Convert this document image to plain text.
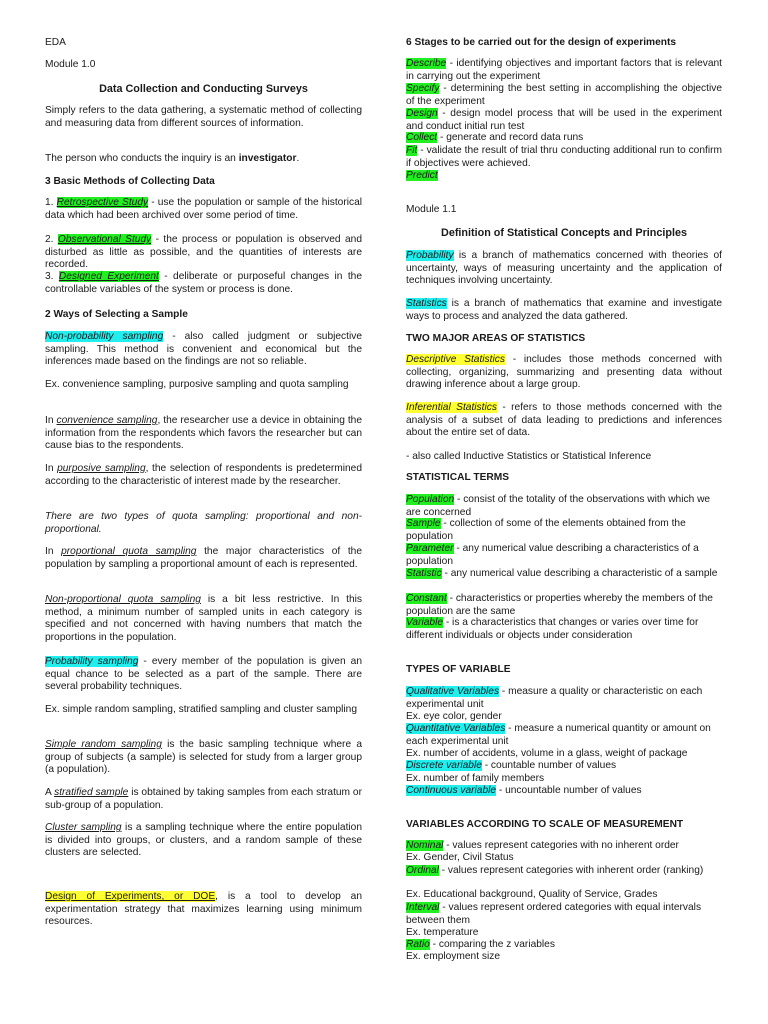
EDA

Module 1.0

Data Collection and Conducting Surveys

Simply refers to the data gathering, a systematic method of collecting and measuring data from different sources of information.

The person who conducts the inquiry is an investigator.

3 Basic Methods of Collecting Data

1. Retrospective Study - use the population or sample of the historical data which had been archived over some period of time.

2. Observational Study - the process or population is observed and disturbed as little as possible, and the quantities of interests are recorded.

3. Designed Experiment - deliberate or purposeful changes in the controllable variables of the system or process is done.

2 Ways of Selecting a Sample

Non-probability sampling - also called judgment or subjective sampling. This method is convenient and economical but the inferences made based on the findings are not so reliable.

Ex. convenience sampling, purposive sampling and quota sampling

In convenience sampling, the researcher use a device in obtaining the information from the respondents which favors the researcher but can cause bias to the respondents.

In purposive sampling, the selection of respondents is predetermined according to the characteristic of interest made by the researcher.

There are two types of quota sampling: proportional and non-proportional.

In proportional quota sampling the major characteristics of the population by sampling a proportional amount of each is represented.

Non-proportional quota sampling is a bit less restrictive. In this method, a minimum number of sampled units in each category is specified and not concerned with having numbers that match the proportions in the population.

Probability sampling - every member of the population is given an equal chance to be selected as a part of the sample. There are several probability techniques.

Ex. simple random sampling, stratified sampling and cluster sampling

Simple random sampling is the basic sampling technique where a group of subjects (a sample) is selected for study from a larger group (a population).

A stratified sample is obtained by taking samples from each stratum or sub-group of a population.

Cluster sampling is a sampling technique where the entire population is divided into groups, or clusters, and a random sample of these clusters are selected.

Design of Experiments, or DOE, is a tool to develop an experimentation strategy that maximizes learning using minimum resources.

6 Stages to be carried out for the design of experiments

Describe - identifying objectives and important factors that is relevant in carrying out the experiment

Specify - determining the best setting in accomplishing the objective of the experiment

Design - design model process that will be used in the experiment and conduct initial run test

Collect - generate and record data runs

Fit - validate the result of trial thru conducting additional run to confirm if objectives were achieved.

Predict

Module 1.1

Definition of Statistical Concepts and Principles

Probability is a branch of mathematics concerned with theories of uncertainty, ways of measuring uncertainty and the application of techniques involving uncertainty.

Statistics is a branch of mathematics that examine and investigate ways to process and analyzed the data gathered.

TWO MAJOR AREAS OF STATISTICS

Descriptive Statistics - includes those methods concerned with collecting, organizing, summarizing and presenting data without drawing inference about a large group.

Inferential Statistics - refers to those methods concerned with the analysis of a subset of data leading to predictions and inferences about the entire set of data.

- also called Inductive Statistics or Statistical Inference

STATISTICAL TERMS

Population - consist of the totality of the observations with which we are concerned

Sample - collection of some of the elements obtained from the population

Parameter - any numerical value describing a characteristics of a population

Statistic - any numerical value describing a characteristic of a sample

Constant - characteristics or properties whereby the members of the population are the same

Variable - is a characteristics that changes or varies over time for different individuals or objects under consideration

TYPES OF VARIABLE

Qualitative Variables - measure a quality or characteristic on each experimental unit

Ex. eye color, gender

Quantitative Variables - measure a numerical quantity or amount on each experimental unit

Ex. number of accidents, volume in a glass, weight of package

Discrete variable - countable number of values

Ex. number of family members

Continuous variable - uncountable number of values

VARIABLES ACCORDING TO SCALE OF MEASUREMENT

Nominal - values represent categories with no inherent order

Ex. Gender, Civil Status

Ordinal - values represent categories with inherent order (ranking)

Ex. Educational background, Quality of Service, Grades

Interval - values represent ordered categories with equal intervals between them

Ex. temperature

Ratio - comparing the z variables

Ex. employment size
